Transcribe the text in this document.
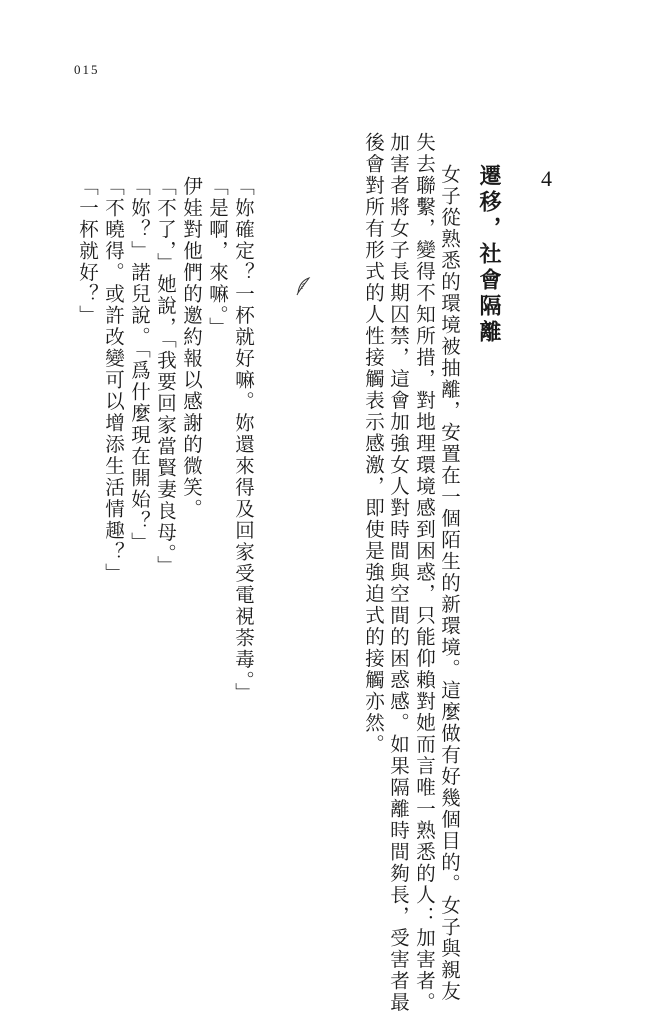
015
4
遷移，社會隔離
女子從熟悉的環境被抽離，安置在一個陌生的新環境。這麼做有好幾個目的。女子與親友
失去聯繫，變得不知所措，對地理環境感到困惑，只能仰賴對她而言唯一熟悉的人：加害者。
加害者將女子長期囚禁，這會加強女人對時間與空間的困惑感。如果隔離時間夠長，受害者最
後會對所有形式的人性接觸表示感激，即使是強迫式的接觸亦然。
「妳確定？一杯就好嘛。妳還來得及回家受電視荼毒。」
「是啊，來嘛。」
伊娃對他們的邀約報以感謝的微笑。
「不了，」她說，「我要回家當賢妻良母。」
「妳？」諾兒說。「爲什麼現在開始？」
「不曉得。或許改變可以增添生活情趣？」
「一杯就好？」
